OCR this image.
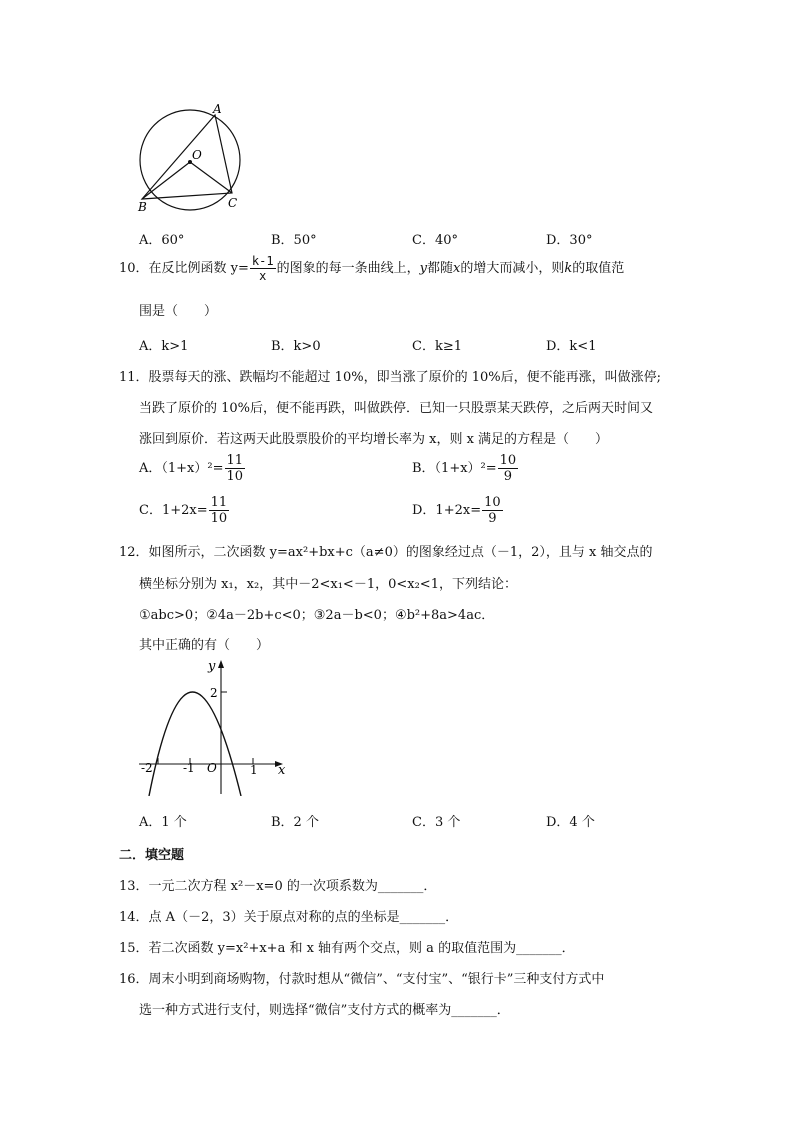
A
O
B	C
A．60°	B．50°	C．40°	D．30°
10．在反比例函数 $y= \frac{k-1}{x}$ 的图象的每一条曲线上，y都随x的增大而减小，则k的取值范
围是（　　）
A．k>1	B．k>0	C．k≥1	D．k<1
11．股票每天的涨、跌幅均不能超过 10%，即当涨了原价的 10%后，便不能再涨，叫做涨停;
当跌了原价的 10%后，便不能再跌，叫做跌停．已知一只股票某天跌停，之后两天时间又
涨回到原价．若这两天此股票股价的平均增长率为 x，则 x 满足的方程是（　　）
A．$(1+x)^2= \frac{11}{10}$	B．$(1+x)^2= \frac{10}{9}$
C．$1+2x= \frac{11}{10}$	D．$1+2x= \frac{10}{9}$
12．如图所示，二次函数 y=ax²+bx+c（a≠0）的图象经过点（－1，2），且与 x 轴交点的
横坐标分别为 x₁，x₂，其中－2<x₁<－1，0<x₂<1，下列结论：
①abc>0；②4a－2b+c<0；③2a－b<0；④b²+8a>4ac．
其中正确的有（　　）
y
x
2
-2	-1 O	1
A．1 个	B．2 个	C．3 个	D．4 个
二．填空题
13．一元二次方程 x²－x=0 的一次项系数为_______．
14．点 A（－2，3）关于原点对称的点的坐标是_______．
15．若二次函数 y=x²+x+a 和 x 轴有两个交点，则 a 的取值范围为_______．
16．周末小明到商场购物，付款时想从“微信”、“支付宝”、“银行卡”三种支付方式中
选一种方式进行支付，则选择“微信”支付方式的概率为_______．
